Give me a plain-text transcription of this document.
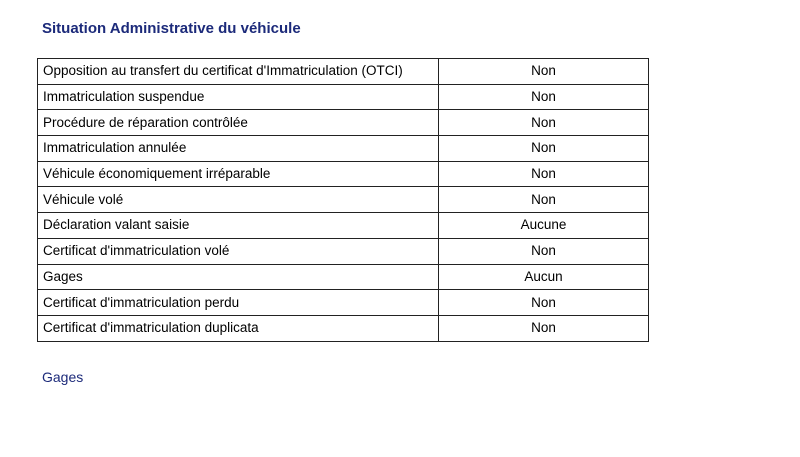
Situation Administrative du véhicule
Opposition au transfert du certificat d'Immatriculation (OTCI)	Non
Immatriculation suspendue	Non
Procédure de réparation contrôlée	Non
Immatriculation annulée	Non
Véhicule économiquement irréparable	Non
Véhicule volé	Non
Déclaration valant saisie	Aucune
Certificat d'immatriculation volé	Non
Gages	Aucun
Certificat d'immatriculation perdu	Non
Certificat d'immatriculation duplicata	Non
Gages
